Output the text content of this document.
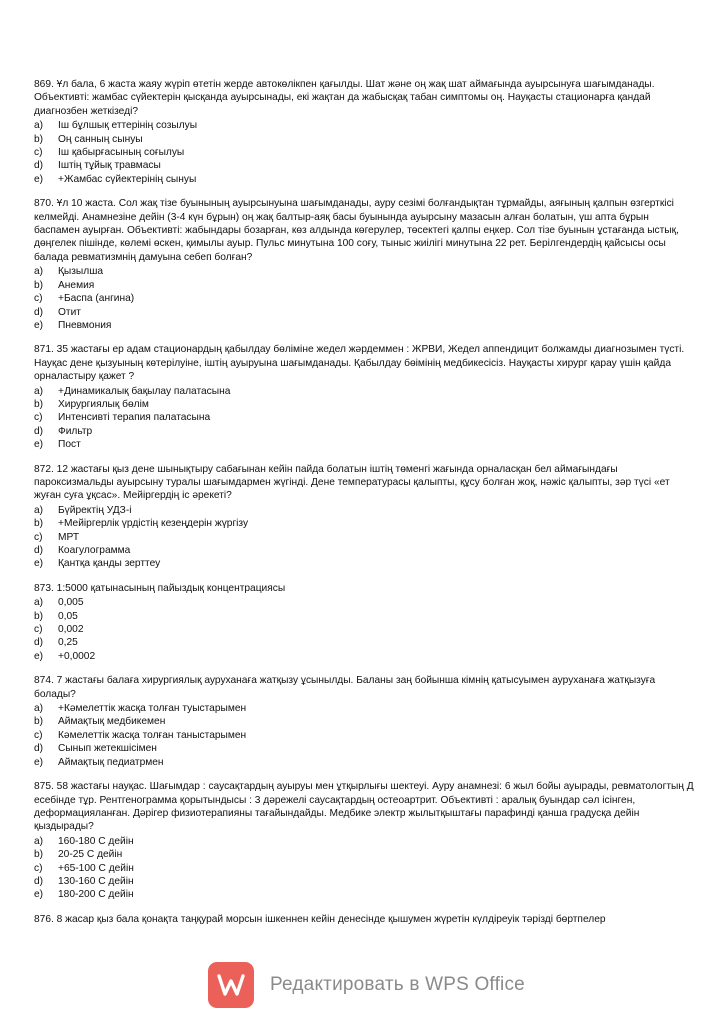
869. Ұл бала, 6 жаста жаяу жүріп өтетін жерде автокөлікпен қағылды. Шат және оң жақ шат аймағында ауырсынуға шағымданады. Объективті: жамбас сүйектерін қысқанда ауырсынады, екі жақтан да жабысқақ табан симптомы оң. Науқасты стационарға қандай диагнозбен жеткізеді?

a)	Іш бұлшық еттерінің созылуы
b)	Оң санның сынуы
c)	Іш қабырғасының соғылуы
d)	Іштің тұйық травмасы
e)	+Жамбас сүйектерінің сынуы

870. Ұл 10 жаста. Сол жақ тізе буынының ауырсынуына шағымданады, ауру сезімі болғандықтан тұрмайды, аяғының қалпын өзгерткісі келмейді. Анамнезіне дейін (3-4 күн бұрын) оң жақ балтыр-аяқ басы буынында ауырсыну мазасын алған болатын, үш апта бұрын баспамен ауырған. Объективті: жабындары бозарған, көз алдында көгерулер, төсектегі қалпы еңкер. Сол тізе буынын ұстағанда ыстық, дөңгелек пішінде, көлемі өскен, қимылы ауыр. Пульс минутына 100 соғу, тыныс жиілігі минутына 22 рет. Берілгендердің қайсысы осы балада ревматизмнің дамуына себеп болған?

a)	Қызылша
b)	Анемия
c)	+Баспа (ангина)
d)	Отит
e)	Пневмония

871. 35 жастағы ер адам стационардың қабылдау бөліміне жедел жәрдеммен : ЖРВИ, Жедел аппендицит болжамды диагнозымен түсті. Науқас дене қызуының көтерілуіне, іштің ауыруына шағымданады. Қабылдау бөімінің медбикесісіз. Науқасты хирург қарау үшін қайда орналастыру қажет ?

a)	+Динамикалық бақылау палатасына
b)	Хирургиялық бөлім
c)	Интенсивті терапия палатасына
d)	Фильтр
e)	Пост

872. 12 жастағы қыз дене шынықтыру сабағынан кейін пайда болатын іштің төменгі жағында орналасқан бел аймағындағы пароксизмальды ауырсыну туралы шағымдармен жүгінді. Дене температурасы қалыпты, құсу болған жоқ, нәжіс қалыпты, зәр түсі «ет жуған суға ұқсас». Мейіргердің іс әрекеті?

a)	Бүйректің УДЗ-і
b)	+Мейіргерлік үрдістің кезеңдерін жүргізу
c)	МРТ
d)	Коагулограмма
e)	Қантқа қанды зерттеу

873. 1:5000 қатынасының пайыздық концентрациясы

a)	0,005
b)	0,05
c)	0,002
d)	0,25
e)	+0,0002

874. 7 жастағы балаға хирургиялық ауруханаға жатқызу ұсынылды. Баланы заң бойынша кімнің қатысуымен ауруханаға жатқызуға болады?

a)	+Кәмелеттік жасқа толған туыстарымен
b)	Аймақтық медбикемен
c)	Кәмелеттік жасқа толған таныстарымен
d)	Сынып жетекшісімен
e)	Аймақтық педиатрмен

875. 58 жастағы науқас. Шағымдар : саусақтардың ауыруы мен ұтқырлығы шектеуі. Ауру анамнезі: 6 жыл бойы ауырады, ревматологтың Д есебінде тұр. Рентгенограмма қорытындысы : 3 дәрежелі саусақтардың остеоартрит. Объективті : аралық буындар сәл ісінген, деформацияланған. Дәрігер физиотерапияны тағайындайды. Медбике электр жылытқыштағы парафинді қанша градусқа дейін қыздырады?

a)	160-180 С дейін
b)	20-25 С дейін
c)	+65-100 С дейін
d)	130-160 С дейін
e)	180-200 С дейін

876. 8 жасар қыз бала қонақта таңқурай морсын ішкеннен кейін денесінде қышумен жүретін күлдіреуік тәрізді бөртпелер

Редактировать в WPS Office
